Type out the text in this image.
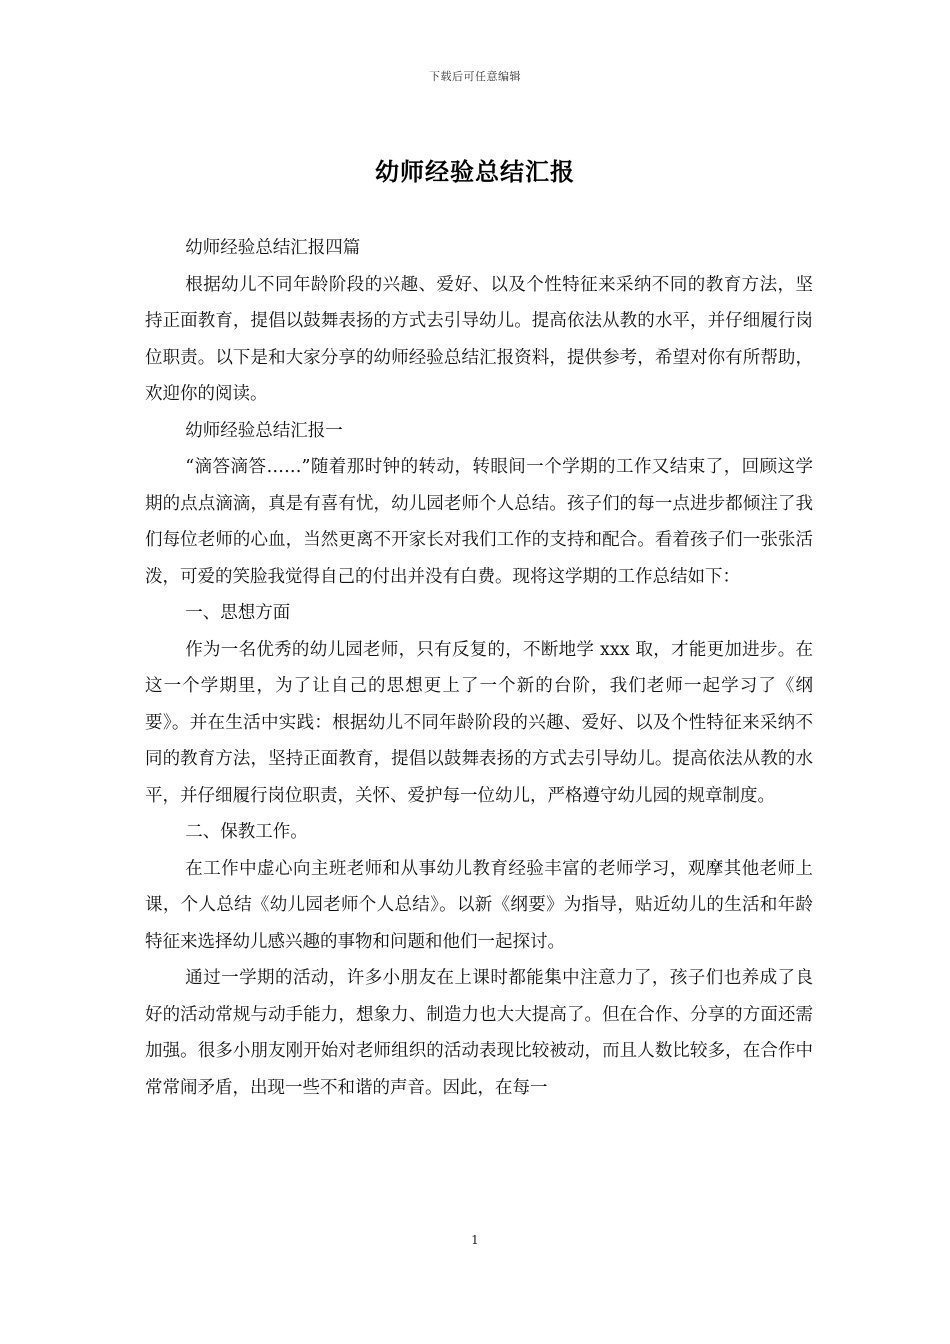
下载后可任意编辑
幼师经验总结汇报

幼师经验总结汇报四篇

根据幼儿不同年龄阶段的兴趣、爱好、以及个性特征来采纳不同的教育方法，坚持正面教育，提倡以鼓舞表扬的方式去引导幼儿。提高依法从教的水平，并仔细履行岗位职责。以下是和大家分享的幼师经验总结汇报资料，提供参考，希望对你有所帮助，欢迎你的阅读。

幼师经验总结汇报一

“滴答滴答……”随着那时钟的转动，转眼间一个学期的工作又结束了，回顾这学期的点点滴滴，真是有喜有忧，幼儿园老师个人总结。孩子们的每一点进步都倾注了我们每位老师的心血，当然更离不开家长对我们工作的支持和配合。看着孩子们一张张活泼，可爱的笑脸我觉得自己的付出并没有白费。现将这学期的工作总结如下：

一、思想方面

作为一名优秀的幼儿园老师，只有反复的，不断地学 xxx 取，才能更加进步。在这一个学期里，为了让自己的思想更上了一个新的台阶，我们老师一起学习了《纲要》。并在生活中实践：根据幼儿不同年龄阶段的兴趣、爱好、以及个性特征来采纳不同的教育方法，坚持正面教育，提倡以鼓舞表扬的方式去引导幼儿。提高依法从教的水平，并仔细履行岗位职责，关怀、爱护每一位幼儿，严格遵守幼儿园的规章制度。

二、保教工作。

在工作中虚心向主班老师和从事幼儿教育经验丰富的老师学习，观摩其他老师上课，个人总结《幼儿园老师个人总结》。以新《纲要》为指导，贴近幼儿的生活和年龄特征来选择幼儿感兴趣的事物和问题和他们一起探讨。

通过一学期的活动，许多小朋友在上课时都能集中注意力了，孩子们也养成了良好的活动常规与动手能力，想象力、制造力也大大提高了。但在合作、分享的方面还需加强。很多小朋友刚开始对老师组织的活动表现比较被动，而且人数比较多，在合作中常常闹矛盾，出现一些不和谐的声音。因此，在每一

1
